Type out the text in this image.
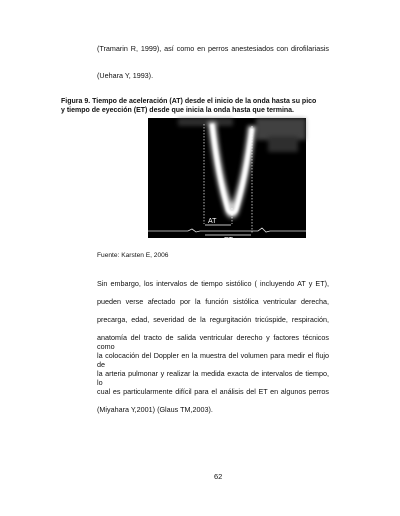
(Tramarin R, 1999), así como en perros anestesiados con dirofilariasis
(Uehara Y, 1993).
Figura 9. Tiempo de aceleración (AT) desde el inicio de la onda hasta su pico
y tiempo de eyección (ET) desde que inicia la onda hasta que termina.
AT
ET
Fuente: Karsten E, 2006
Sin embargo, los intervalos de tiempo sistólico ( incluyendo AT y ET),
pueden verse afectado por la función sistólica ventricular derecha,
precarga, edad, severidad de la regurgitación tricúspide, respiración,
anatomía del tracto de salida ventricular derecho y factores técnicos como
la colocación del Doppler en la muestra del volumen para medir el flujo de
la arteria pulmonar y realizar la medida exacta de intervalos de tiempo, lo
cual es particularmente difícil para el análisis del ET en algunos perros
(Miyahara Y,2001) (Glaus TM,2003).
62
